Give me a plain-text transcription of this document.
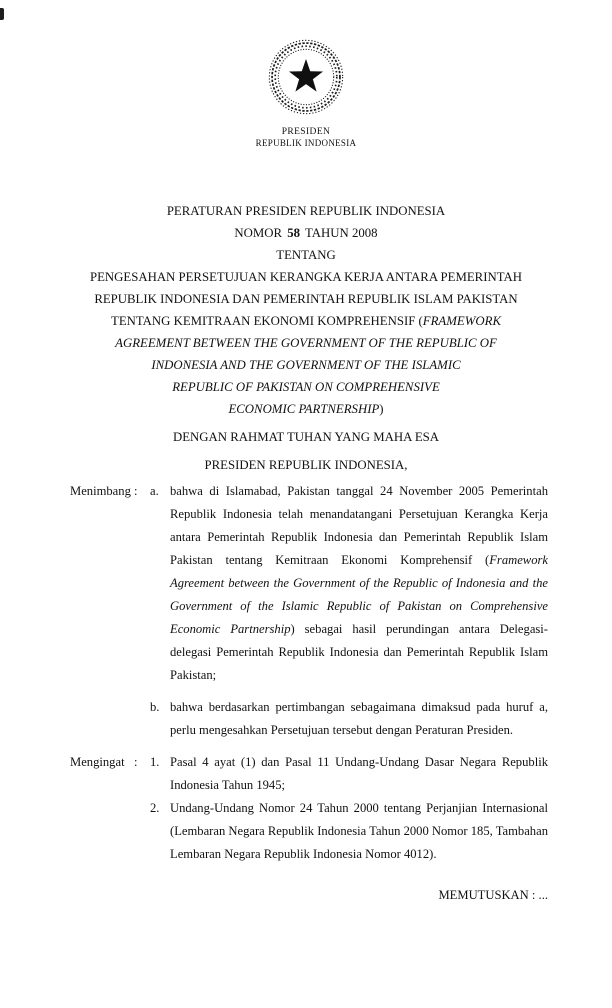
PRESIDEN
REPUBLIK INDONESIA
PERATURAN PRESIDEN REPUBLIK INDONESIA
NOMOR 58 TAHUN 2008
TENTANG
PENGESAHAN PERSETUJUAN KERANGKA KERJA ANTARA PEMERINTAH
REPUBLIK INDONESIA DAN PEMERINTAH REPUBLIK ISLAM PAKISTAN
TENTANG KEMITRAAN EKONOMI KOMPREHENSIF (FRAMEWORK
AGREEMENT BETWEEN THE GOVERNMENT OF THE REPUBLIC OF
INDONESIA AND THE GOVERNMENT OF THE ISLAMIC
REPUBLIC OF PAKISTAN ON COMPREHENSIVE
ECONOMIC PARTNERSHIP)
DENGAN RAHMAT TUHAN YANG MAHA ESA
PRESIDEN REPUBLIK INDONESIA,
Menimbang : a. bahwa di Islamabad, Pakistan tanggal 24 November 2005 Pemerintah Republik Indonesia telah menandatangani Persetujuan Kerangka Kerja antara Pemerintah Republik Indonesia dan Pemerintah Republik Islam Pakistan tentang Kemitraan Ekonomi Komprehensif (Framework Agreement between the Government of the Republic of Indonesia and the Government of the Islamic Republic of Pakistan on Comprehensive Economic Partnership) sebagai hasil perundingan antara Delegasi-delegasi Pemerintah Republik Indonesia dan Pemerintah Republik Islam Pakistan;
b. bahwa berdasarkan pertimbangan sebagaimana dimaksud pada huruf a, perlu mengesahkan Persetujuan tersebut dengan Peraturan Presiden.
Mengingat : 1. Pasal 4 ayat (1) dan Pasal 11 Undang-Undang Dasar Negara Republik Indonesia Tahun 1945;
2. Undang-Undang Nomor 24 Tahun 2000 tentang Perjanjian Internasional (Lembaran Negara Republik Indonesia Tahun 2000 Nomor 185, Tambahan Lembaran Negara Republik Indonesia Nomor 4012).
MEMUTUSKAN : ...
